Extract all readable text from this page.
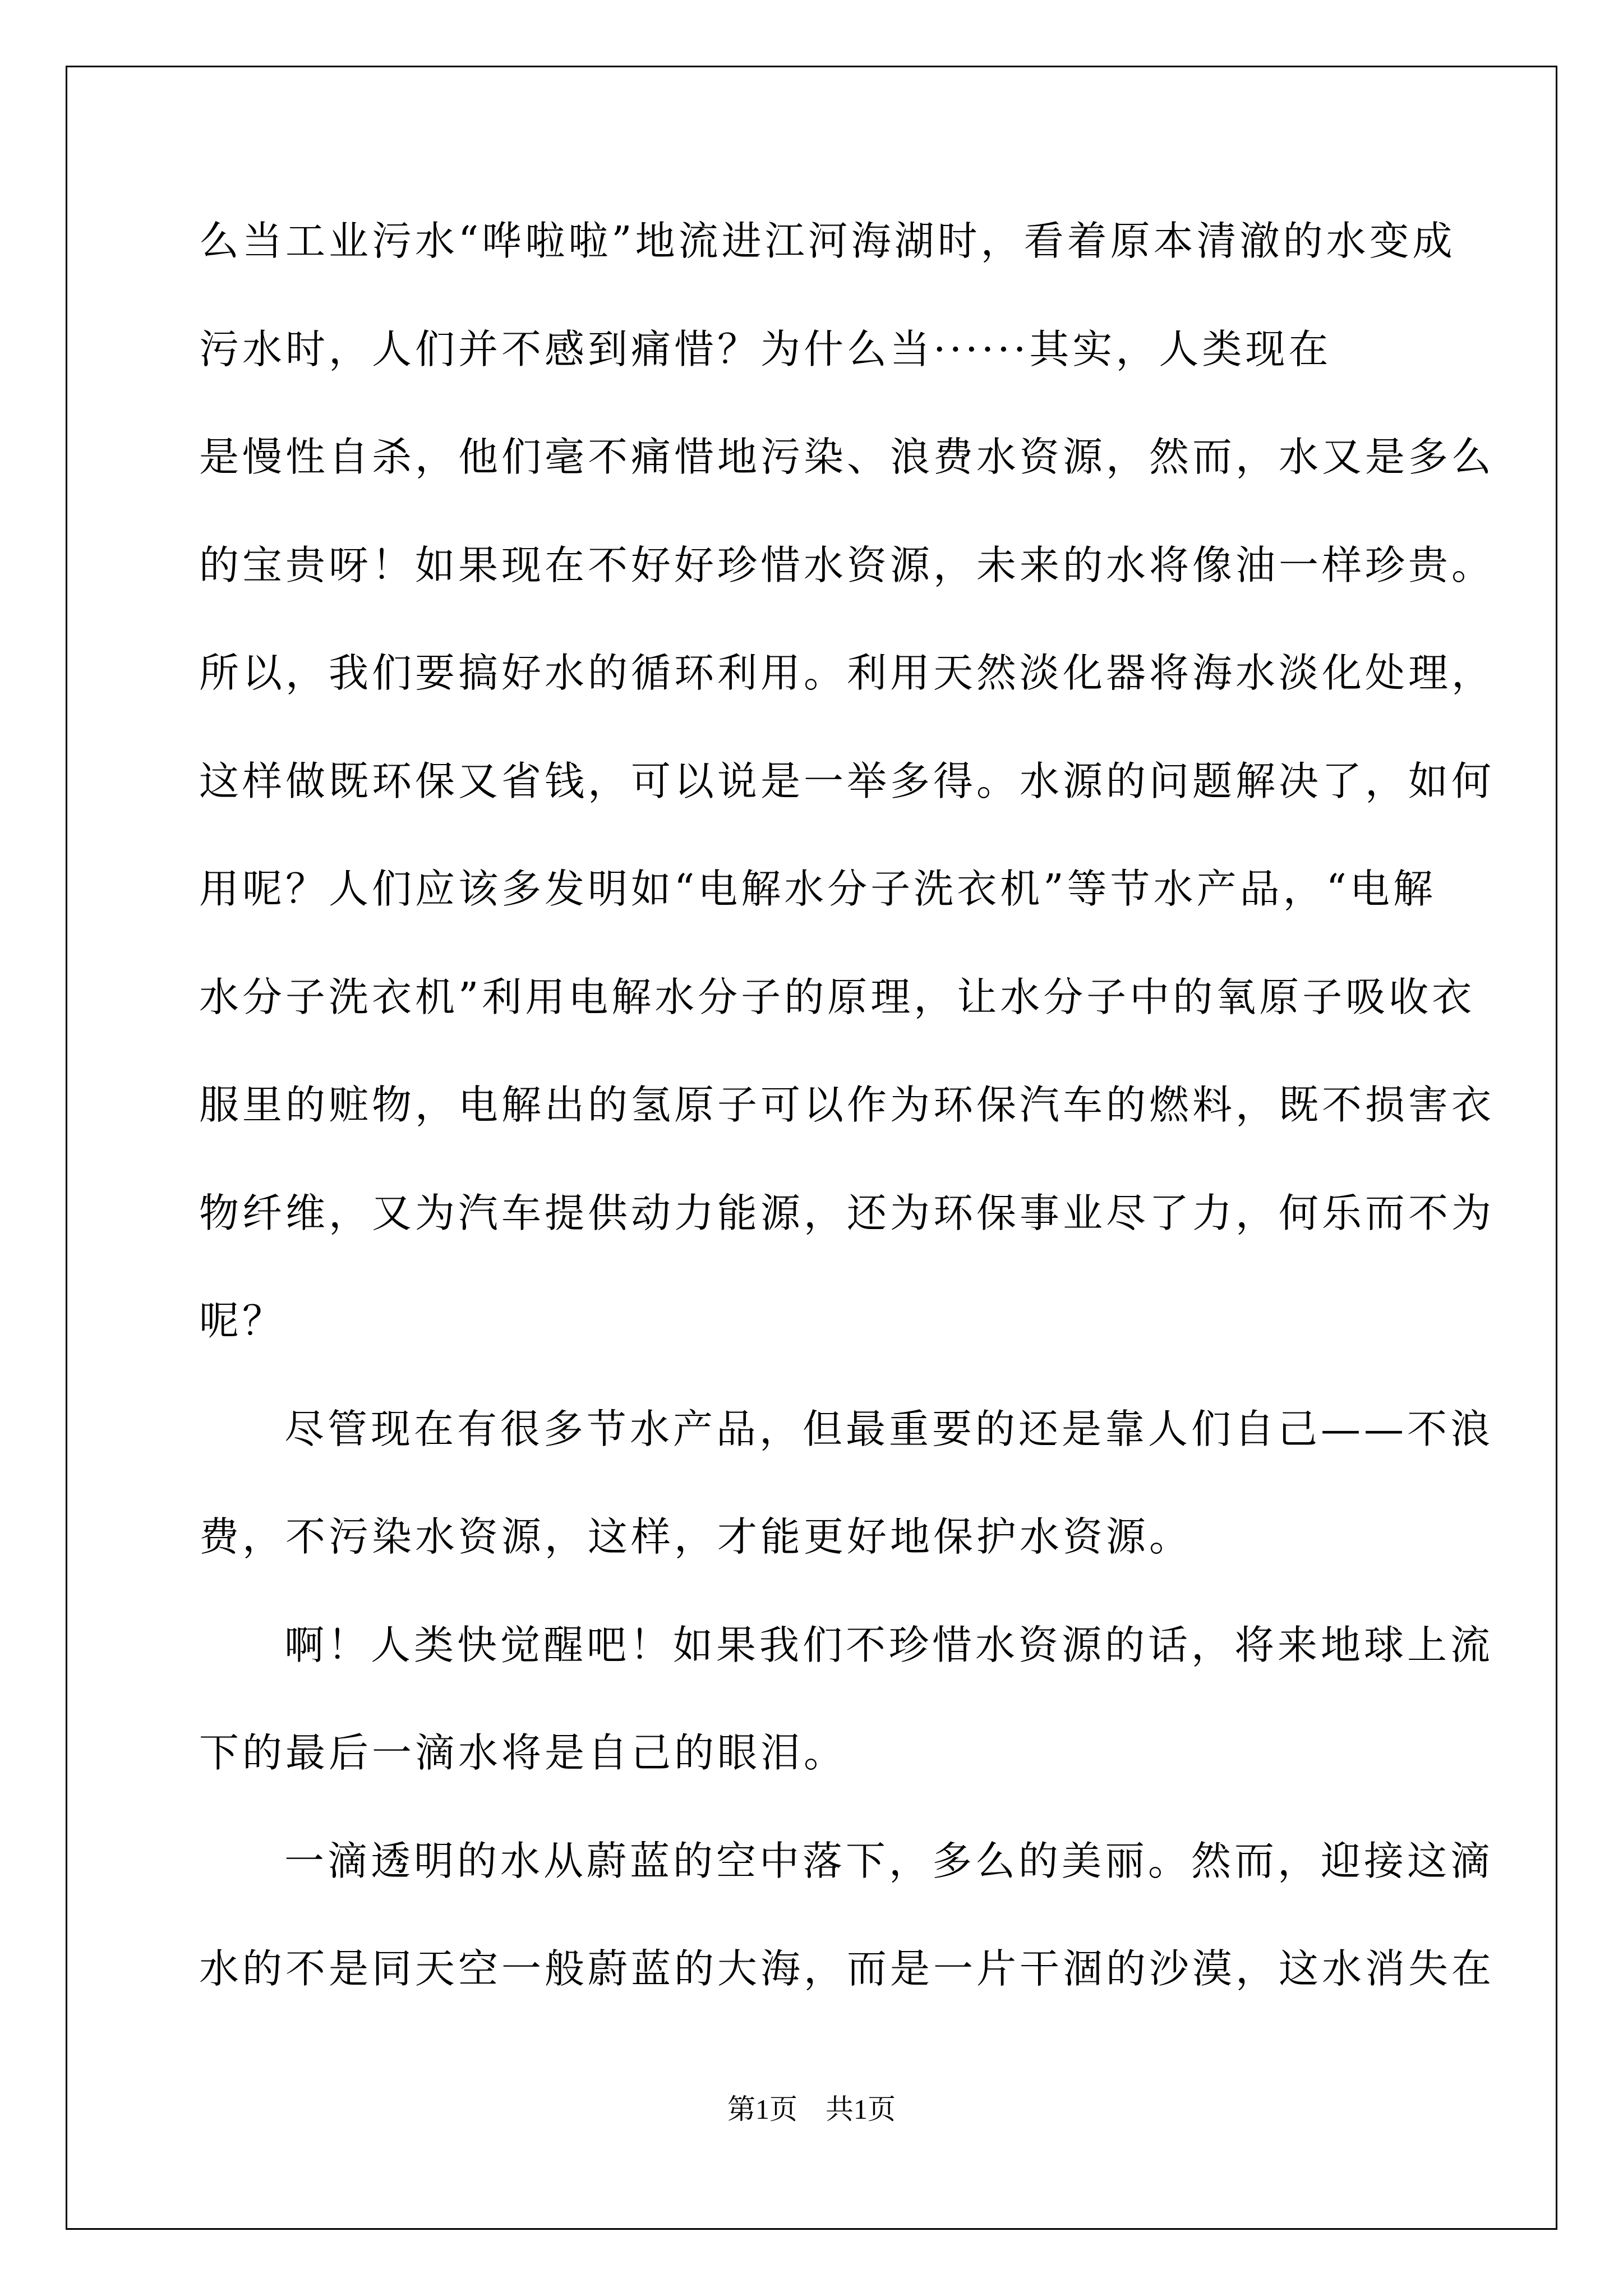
么当工业污水“哗啦啦”地流进江河海湖时，看着原本清澈的水变成
污水时，人们并不感到痛惜？为什么当······其实，人类现在
是慢性自杀，他们毫不痛惜地污染、浪费水资源，然而，水又是多么
的宝贵呀！如果现在不好好珍惜水资源，未来的水将像油一样珍贵。
所以，我们要搞好水的循环利用。利用天然淡化器将海水淡化处理，
这样做既环保又省钱，可以说是一举多得。水源的问题解决了，如何
用呢？人们应该多发明如“电解水分子洗衣机”等节水产品，“电解
水分子洗衣机”利用电解水分子的原理，让水分子中的氧原子吸收衣
服里的赃物，电解出的氢原子可以作为环保汽车的燃料，既不损害衣
物纤维，又为汽车提供动力能源，还为环保事业尽了力，何乐而不为
呢？
尽管现在有很多节水产品，但最重要的还是靠人们自己——不浪
费，不污染水资源，这样，才能更好地保护水资源。
啊！人类快觉醒吧！如果我们不珍惜水资源的话，将来地球上流
下的最后一滴水将是自己的眼泪。
一滴透明的水从蔚蓝的空中落下，多么的美丽。然而，迎接这滴
水的不是同天空一般蔚蓝的大海，而是一片干涸的沙漠，这水消失在
第1页 共1页
